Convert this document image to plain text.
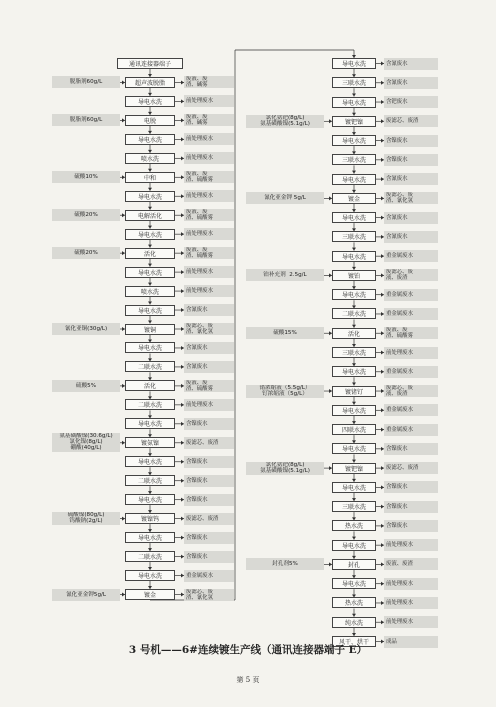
通讯连接器端子
超声波脱脂
脱脂剂60g/L	废液、废
渣、碱雾
导电水洗	前处理废水
电脱
脱脂剂60g/L	废液、废
渣、碱雾
导电水洗	前处理废水
喷水洗	前处理废水
中和
硫酸10%	废液、废
渣、硫酸雾
导电水洗	前处理废水
电解活化
硫酸20%	废液、废
渣、硫酸雾
导电水洗	前处理废水
活化
硫酸20%	废液、废
渣、硫酸雾
导电水洗	前处理废水
喷水洗	前处理废水
导电水洗	含氰废水
镀铜
氰化亚铜(30g/L)	废滤芯、废
渣、氰化氢
导电水洗	含氰废水
二联水洗	含氰废水
活化
硫酸5%	废液、废
渣、硫酸雾
二联水洗	前处理废水
导电水洗	含镍废水
镀氨镍
氨基磺酸镍(30.6g/L)
氯化镍(8g/L)
硼酸(40g/L)
废滤芯、废渣
导电水洗	含镍废水
二联水洗	含镍废水
导电水洗	含镍废水
镀镍钨
硫酸镍(80g/L)
钨酸钠(2g/L)	废滤芯、废渣
导电水洗	含镍废水
二联水洗	含镍废水
导电水洗	重金属废水
镀金
氰化亚金钾5g/L	废滤芯、废
渣、氰化氢
导电水洗	含氰废水
三联水洗	含氰废水
导电水洗	含钯废水
镀钯镍
氯化氨钯(8g/L)
氨基磺酸镍(5.1g/L)	废滤芯、废渣
导电水洗	含镍废水
三联水洗	含镍废水
导电水洗	含氰废水
镀金
氰化亚金钾 5g/L	废滤芯、废
渣、氰化氢
导电水洗	含氰废水
三联水洗	含氰废水
导电水洗	重金属废水
镀铂
铂补充剂  2.5g/L	废滤芯、废
液、废渣
导电水洗	重金属废水
二联水洗	重金属废水
活化
硫酸15%	废液、废
渣、硫酸雾
三联水洗	前处理废水
导电水洗	重金属废水
镀锗钌
锗浓缩液（5.5g/L）
钌浓缩液（5g/L）
废滤芯、废
液、废渣
导电水洗	重金属废水
四联水洗	重金属废水
导电水洗	含镍废水
镀钯镍
氯化氨钯(8g/L)
氨基磺酸镍(5.1g/L)	废滤芯、废渣
导电水洗	含镍废水
三联水洗	含镍废水
热水洗	含镍废水
导电水洗	前处理废水
封孔
封孔剂5%	废液、废渣
导电水洗	前处理废水
热水洗	前处理废水
纯水洗	前处理废水
风干、烘干	成品
3 号机——6#连续镀生产线（通讯连接器端子 E）
第 5 页
